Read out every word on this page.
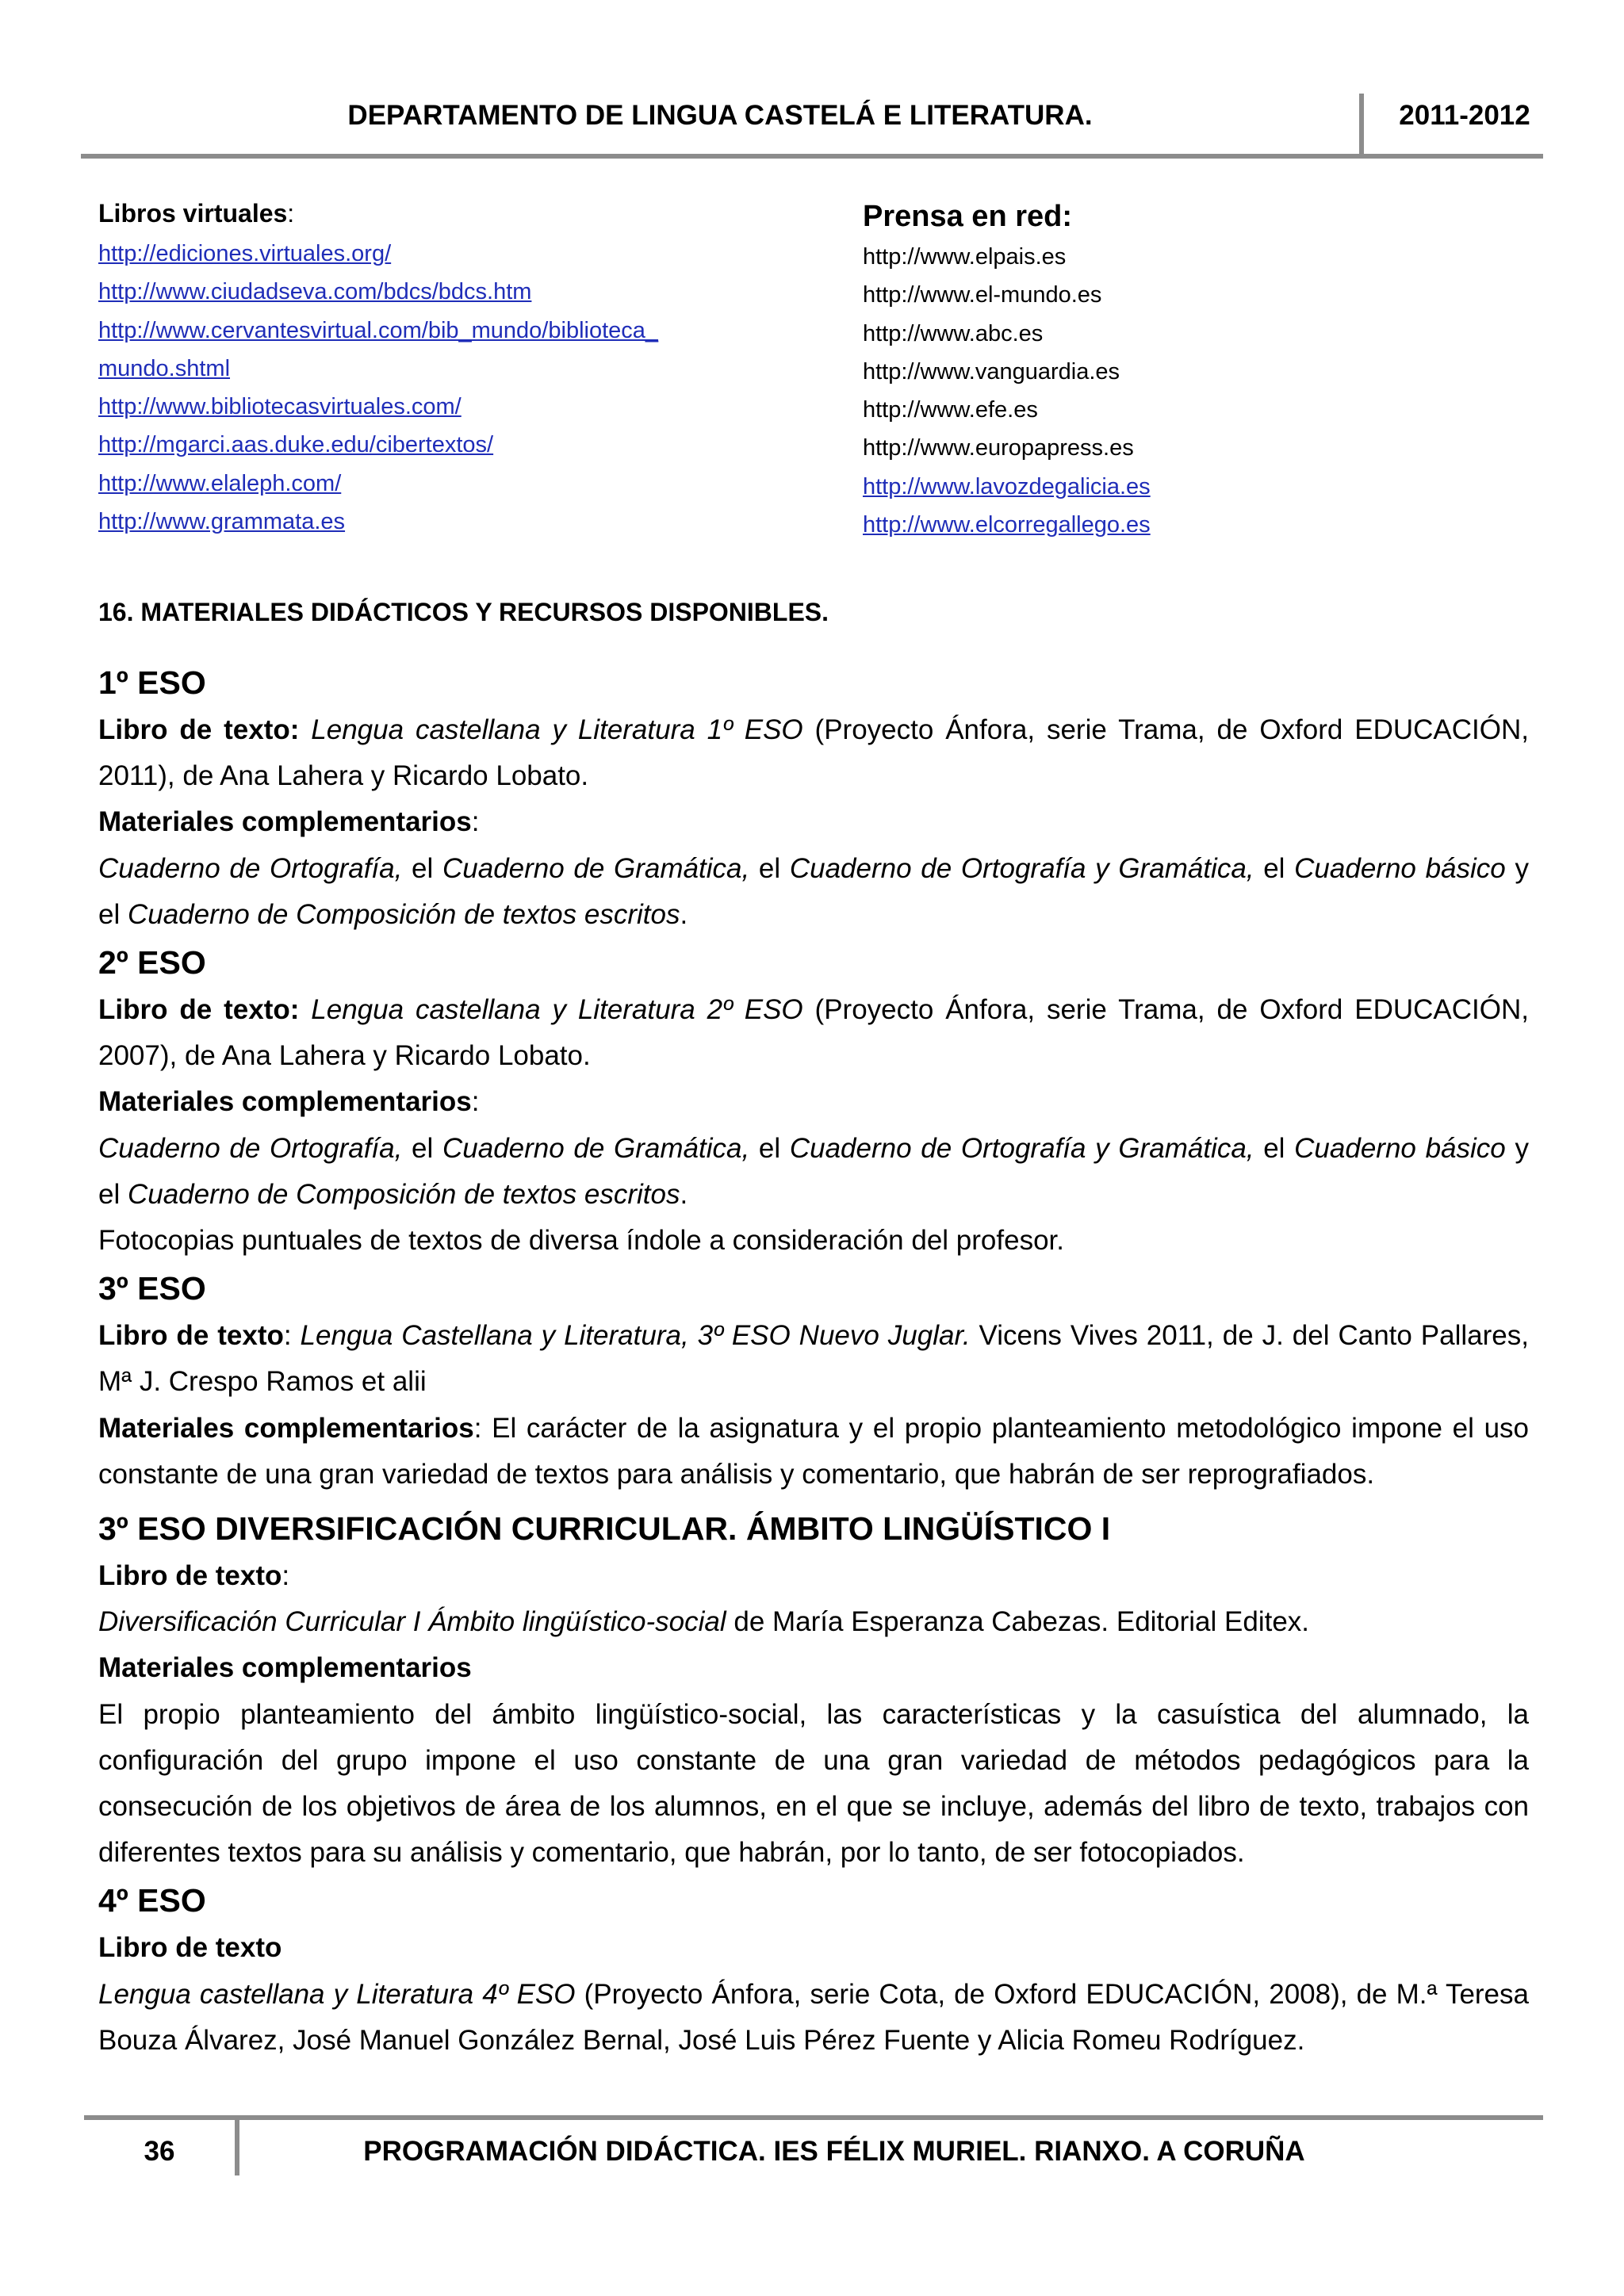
DEPARTAMENTO DE LINGUA CASTELÁ E LITERATURA.	2011-2012
Libros virtuales:
http://ediciones.virtuales.org/
http://www.ciudadseva.com/bdcs/bdcs.htm
http://www.cervantesvirtual.com/bib_mundo/biblioteca_
mundo.shtml
http://www.bibliotecasvirtuales.com/
http://mgarci.aas.duke.edu/cibertextos/
http://www.elaleph.com/
http://www.grammata.es
Prensa en red:
http://www.elpais.es
http://www.el-mundo.es
http://www.abc.es
http://www.vanguardia.es
http://www.efe.es
http://www.europapress.es
http://www.lavozdegalicia.es
http://www.elcorregallego.es
16. MATERIALES DIDÁCTICOS Y RECURSOS DISPONIBLES.
1º ESO

Libro de texto: Lengua castellana y Literatura 1º ESO (Proyecto Ánfora, serie Trama, de Oxford EDUCACIÓN, 2011), de Ana Lahera y Ricardo Lobato.

Materiales complementarios:

Cuaderno de Ortografía, el Cuaderno de Gramática, el Cuaderno de Ortografía y Gramática, el Cuaderno básico y el Cuaderno de Composición de textos escritos.

2º ESO

Libro de texto: Lengua castellana y Literatura 2º ESO (Proyecto Ánfora, serie Trama, de Oxford EDUCACIÓN, 2007), de Ana Lahera y Ricardo Lobato.

Materiales complementarios:

Cuaderno de Ortografía, el Cuaderno de Gramática, el Cuaderno de Ortografía y Gramática, el Cuaderno básico y el Cuaderno de Composición de textos escritos.

Fotocopias puntuales de textos de diversa índole a consideración del profesor.

3º ESO

Libro de texto: Lengua Castellana y Literatura, 3º ESO Nuevo Juglar. Vicens Vives 2011, de J. del Canto Pallares, Mª J. Crespo Ramos et alii

Materiales complementarios: El carácter de la asignatura y el propio planteamiento metodológico impone el uso constante de una gran variedad de textos para análisis y comentario, que habrán de ser reprografiados.

3º ESO DIVERSIFICACIÓN CURRICULAR. ÁMBITO LINGÜÍSTICO I

Libro de texto:

Diversificación Curricular I Ámbito lingüístico-social de María Esperanza Cabezas. Editorial Editex.

Materiales complementarios

El propio planteamiento del ámbito lingüístico-social, las características y la casuística del alumnado, la configuración del grupo impone el uso constante de una gran variedad de métodos pedagógicos para la consecución de los objetivos de área de los alumnos, en el que se incluye, además del libro de texto, trabajos con diferentes textos para su análisis y comentario, que habrán, por lo tanto, de ser fotocopiados.

4º ESO

Libro de texto

Lengua castellana y Literatura 4º ESO (Proyecto Ánfora, serie Cota, de Oxford EDUCACIÓN, 2008), de M.ª Teresa Bouza Álvarez, José Manuel González Bernal, José Luis Pérez Fuente y Alicia Romeu Rodríguez.

36	PROGRAMACIÓN DIDÁCTICA. IES FÉLIX MURIEL. RIANXO. A CORUÑA
